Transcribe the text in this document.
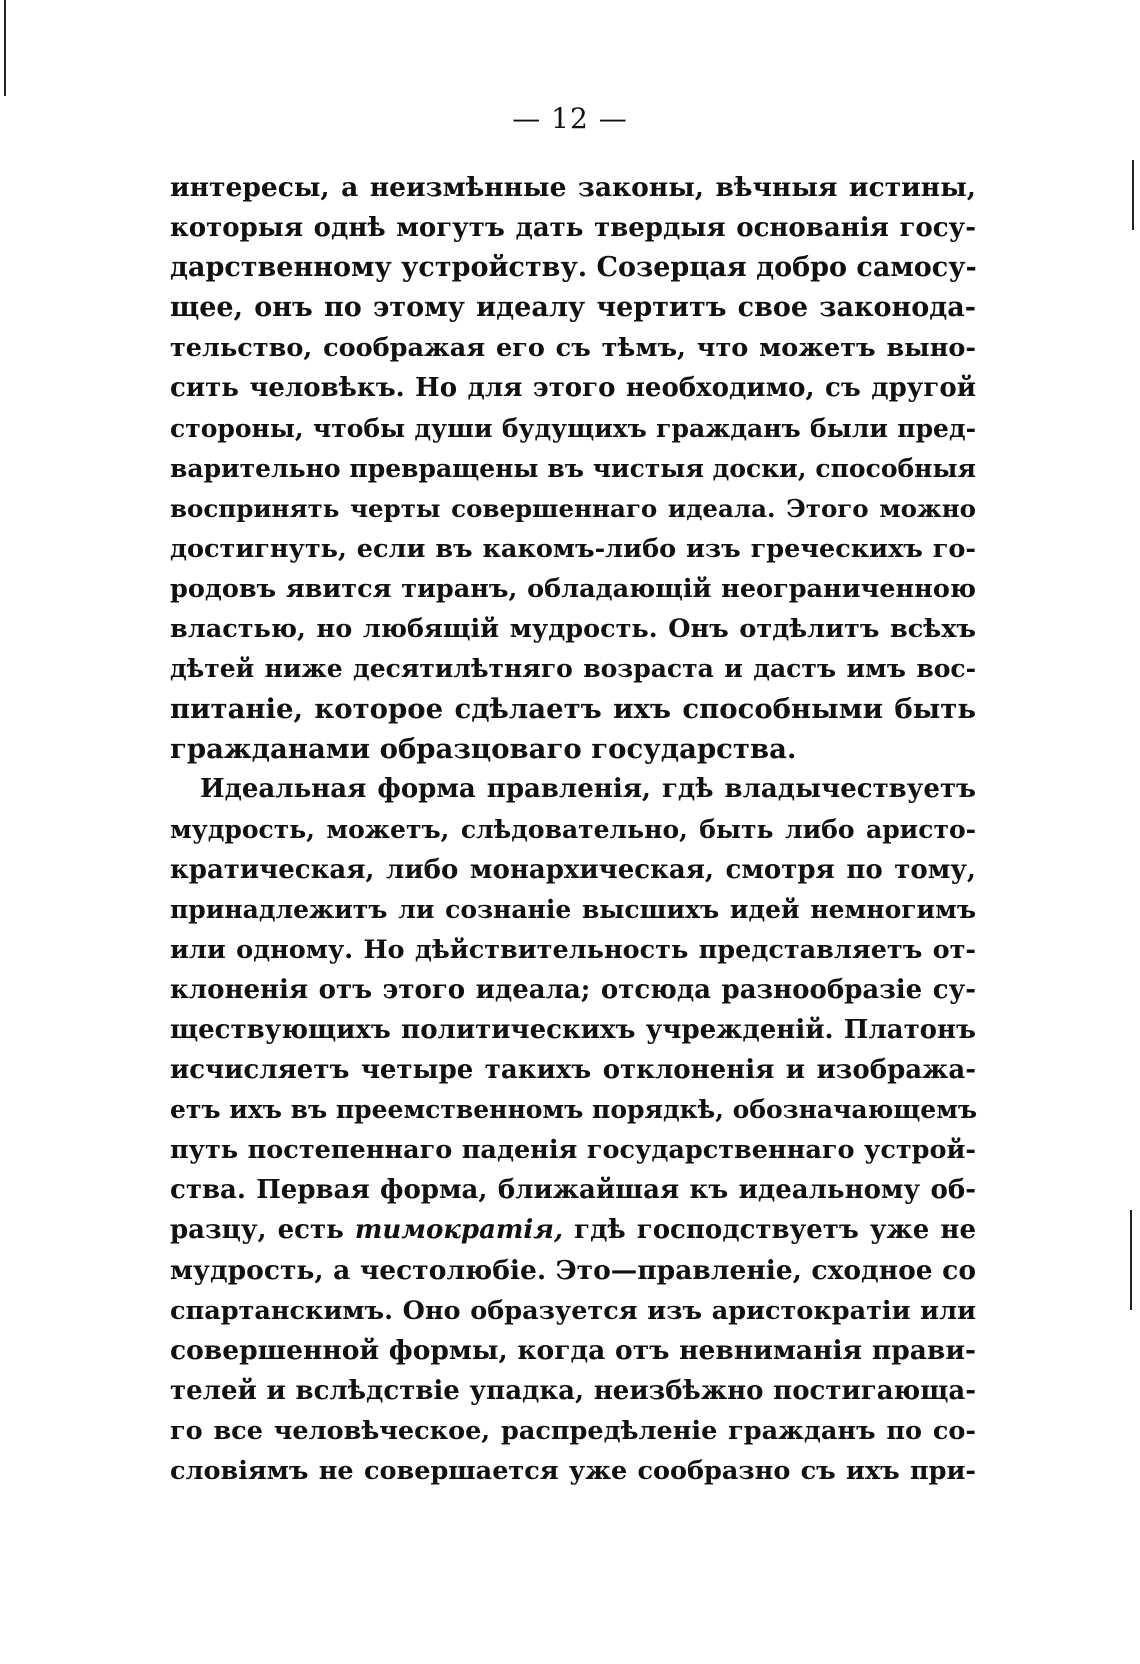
— 12 —
интересы, а неизмѣнные законы, вѣчныя истины,
которыя однѣ могутъ дать твердыя основанія госу-
дарственному устройству. Созерцая добро самосу-
щее, онъ по этому идеалу чертитъ свое законода-
тельство, соображая его съ тѣмъ, что можетъ выно-
сить человѣкъ. Но для этого необходимо, съ другой
стороны, чтобы души будущихъ гражданъ были пред-
варительно превращены въ чистыя доски, способныя
воспринять черты совершеннаго идеала. Этого можно
достигнуть, если въ какомъ-либо изъ греческихъ го-
родовъ явится тиранъ, обладающій неограниченною
властью, но любящій мудрость. Онъ отдѣлитъ всѣхъ
дѣтей ниже десятилѣтняго возраста и дастъ имъ вос-
питаніе, которое сдѣлаетъ ихъ способными быть
гражданами образцоваго государства.
Идеальная форма правленія, гдѣ владычествуетъ
мудрость, можетъ, слѣдовательно, быть либо аристо-
кратическая, либо монархическая, смотря по тому,
принадлежитъ ли сознаніе высшихъ идей немногимъ
или одному. Но дѣйствительность представляетъ от-
клоненія отъ этого идеала; отсюда разнообразіе су-
ществующихъ политическихъ учрежденій. Платонъ
исчисляетъ четыре такихъ отклоненія и изобража-
етъ ихъ въ преемственномъ порядкѣ, обозначающемъ
путь постепеннаго паденія государственнаго устрой-
ства. Первая форма, ближайшая къ идеальному об-
разцу, есть тимократія, гдѣ господствуетъ уже не
мудрость, а честолюбіе. Это—правленіе, сходное со
спартанскимъ. Оно образуется изъ аристократіи или
совершенной формы, когда отъ невниманія прави-
телей и вслѣдствіе упадка, неизбѣжно постигающа-
го все человѣческое, распредѣленіе гражданъ по со-
словіямъ не совершается уже сообразно съ ихъ при-
